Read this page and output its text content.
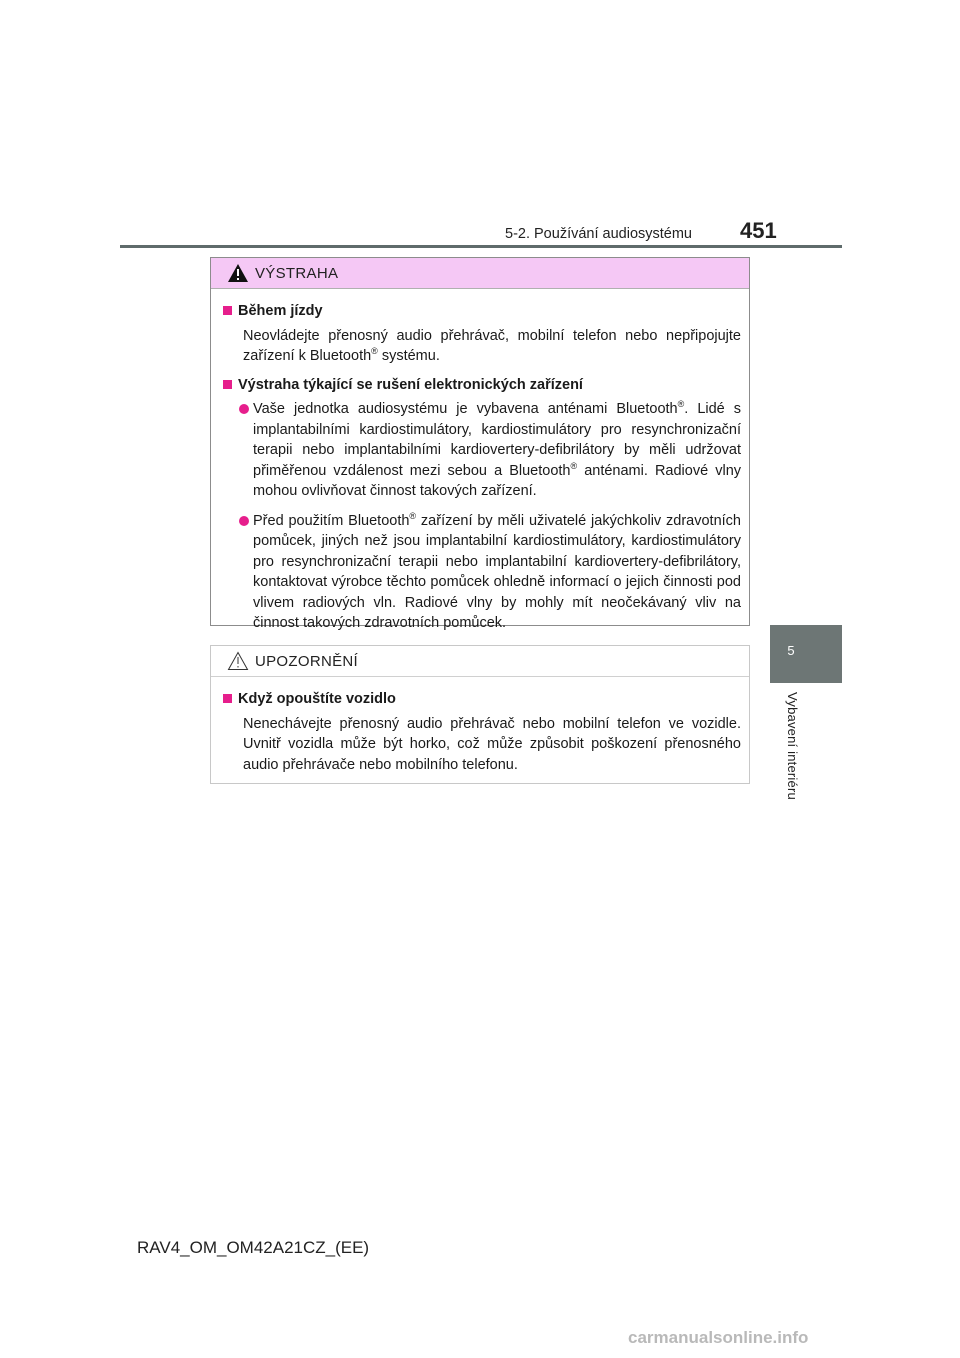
5-2. Používání audiosystému 451
5
Vybavení interiéru
VÝSTRAHA
Během jízdy
Neovládejte přenosný audio přehrávač, mobilní telefon nebo nepřipojujte zařízení k Bluetooth® systému.
Výstraha týkající se rušení elektronických zařízení
Vaše jednotka audiosystému je vybavena anténami Bluetooth®. Lidé s implantabilními kardiostimulátory, kardiostimulátory pro resynchronizační terapii nebo implantabilními kardiovertery-defibrilátory by měli udržovat přiměřenou vzdálenost mezi sebou a Bluetooth® anténami. Radiové vlny mohou ovlivňovat činnost takových zařízení.
Před použitím Bluetooth® zařízení by měli uživatelé jakýchkoliv zdravotních pomůcek, jiných než jsou implantabilní kardiostimulátory, kardiostimulátory pro resynchronizační terapii nebo implantabilní kardiovertery-defibrilátory, kontaktovat výrobce těchto pomůcek ohledně informací o jejich činnosti pod vlivem radiových vln. Radiové vlny by mohly mít neočekávaný vliv na činnost takových zdravotních pomůcek.
UPOZORNĚNÍ
Když opouštíte vozidlo
Nenechávejte přenosný audio přehrávač nebo mobilní telefon ve vozidle. Uvnitř vozidla může být horko, což může způsobit poškození přenosného audio přehrávače nebo mobilního telefonu.
RAV4_OM_OM42A21CZ_(EE)
carmanualsonline.info
